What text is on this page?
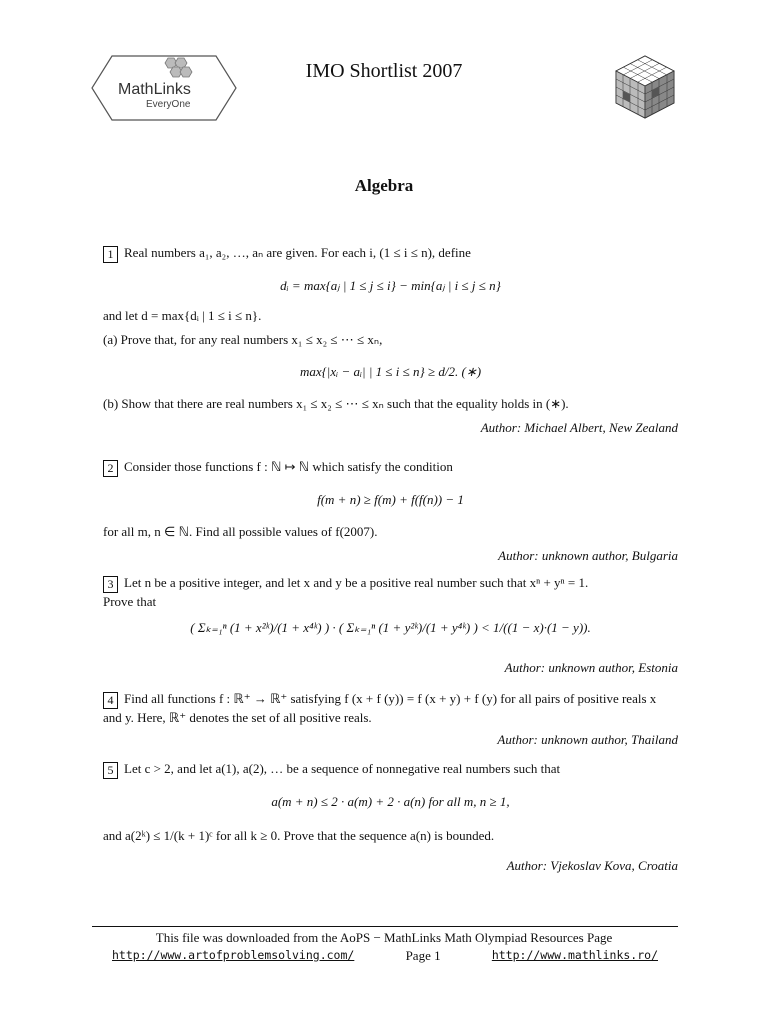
MathLinks
EveryOne
IMO Shortlist 2007
Algebra
1 Real numbers a₁, a₂, …, aₙ are given. For each i, (1 ≤ i ≤ n), define
dᵢ = max{aⱼ | 1 ≤ j ≤ i} − min{aⱼ | i ≤ j ≤ n}
and let d = max{dᵢ | 1 ≤ i ≤ n}.
(a) Prove that, for any real numbers x₁ ≤ x₂ ≤ ⋯ ≤ xₙ,
max{|xᵢ − aᵢ| | 1 ≤ i ≤ n} ≥ d/2. (∗)
(b) Show that there are real numbers x₁ ≤ x₂ ≤ ⋯ ≤ xₙ such that the equality holds in (∗).
Author: Michael Albert, New Zealand
2 Consider those functions f : ℕ ↦ ℕ which satisfy the condition
f(m + n) ≥ f(m) + f(f(n)) − 1
for all m, n ∈ ℕ. Find all possible values of f(2007).
Author: unknown author, Bulgaria
3 Let n be a positive integer, and let x and y be a positive real number such that xⁿ + yⁿ = 1.
Prove that
( Σₖ₌₁ⁿ (1 + x²ᵏ)/(1 + x⁴ᵏ) ) · ( Σₖ₌₁ⁿ (1 + y²ᵏ)/(1 + y⁴ᵏ) ) < 1/((1 − x)·(1 − y)).
Author: unknown author, Estonia
4 Find all functions f : ℝ⁺ → ℝ⁺ satisfying f (x + f (y)) = f (x + y) + f (y) for all pairs of positive reals x and y. Here, ℝ⁺ denotes the set of all positive reals.
Author: unknown author, Thailand
5 Let c > 2, and let a(1), a(2), … be a sequence of nonnegative real numbers such that
a(m + n) ≤ 2 · a(m) + 2 · a(n) for all m, n ≥ 1,
and a(2ᵏ) ≤ 1/(k + 1)ᶜ for all k ≥ 0. Prove that the sequence a(n) is bounded.
Author: Vjekoslav Kova, Croatia
This file was downloaded from the AoPS − MathLinks Math Olympiad Resources Page
http://www.artofproblemsolving.com/	Page 1	http://www.mathlinks.ro/
